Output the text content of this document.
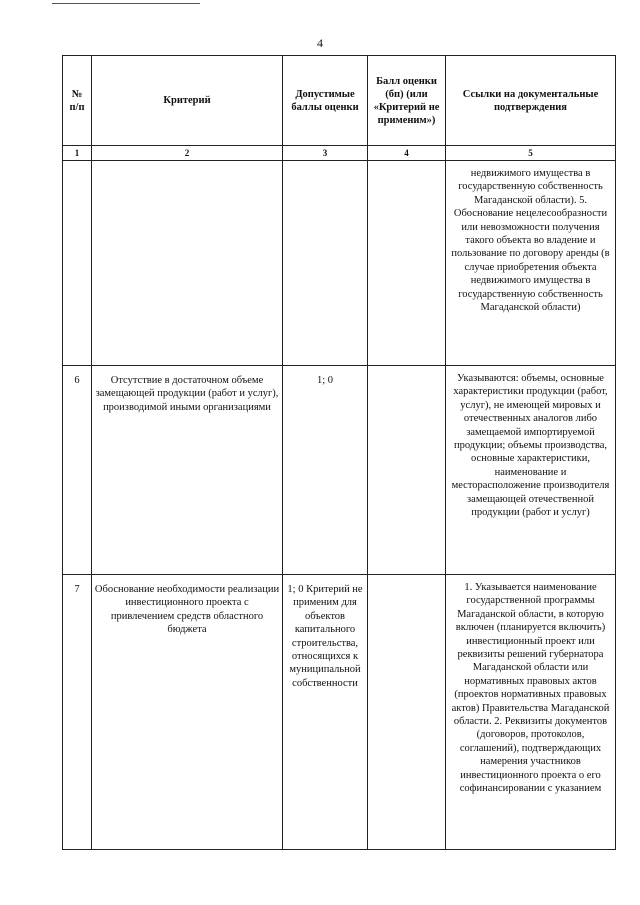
4
№ п/п	Критерий	Допустимые баллы оценки	Балл оценки (бп) (или «Критерий не применим»)	Ссылки на документальные подтверждения
1	2	3	4	5
				недвижимого имущества в государственную собственность Магаданской области). 5. Обоснование нецелесообразности или невозможности получения такого объекта во владение и пользование по договору аренды (в случае приобретения объекта недвижимого имущества в государственную собственность Магаданской области)
6	Отсутствие в достаточном объеме замещающей продукции (работ и услуг), производимой иными организациями	1; 0		Указываются: объемы, основные характеристики продукции (работ, услуг), не имеющей мировых и отечественных аналогов либо замещаемой импортируемой продукции; объемы производства, основные характеристики, наименование и месторасположение производителя замещающей отечественной продукции (работ и услуг)
7	Обоснование необходимости реализации инвестиционного проекта с привлечением средств областного бюджета	1; 0 Критерий не применим для объектов капитального строительства, относящихся к муниципальной собственности		1. Указывается наименование государственной программы Магаданской области, в которую включен (планируется включить) инвестиционный проект или реквизиты решений губернатора Магаданской области или нормативных правовых актов (проектов нормативных правовых актов) Правительства Магаданской области. 2. Реквизиты документов (договоров, протоколов, соглашений), подтверждающих намерения участников инвестиционного проекта о его софинансировании с указанием
